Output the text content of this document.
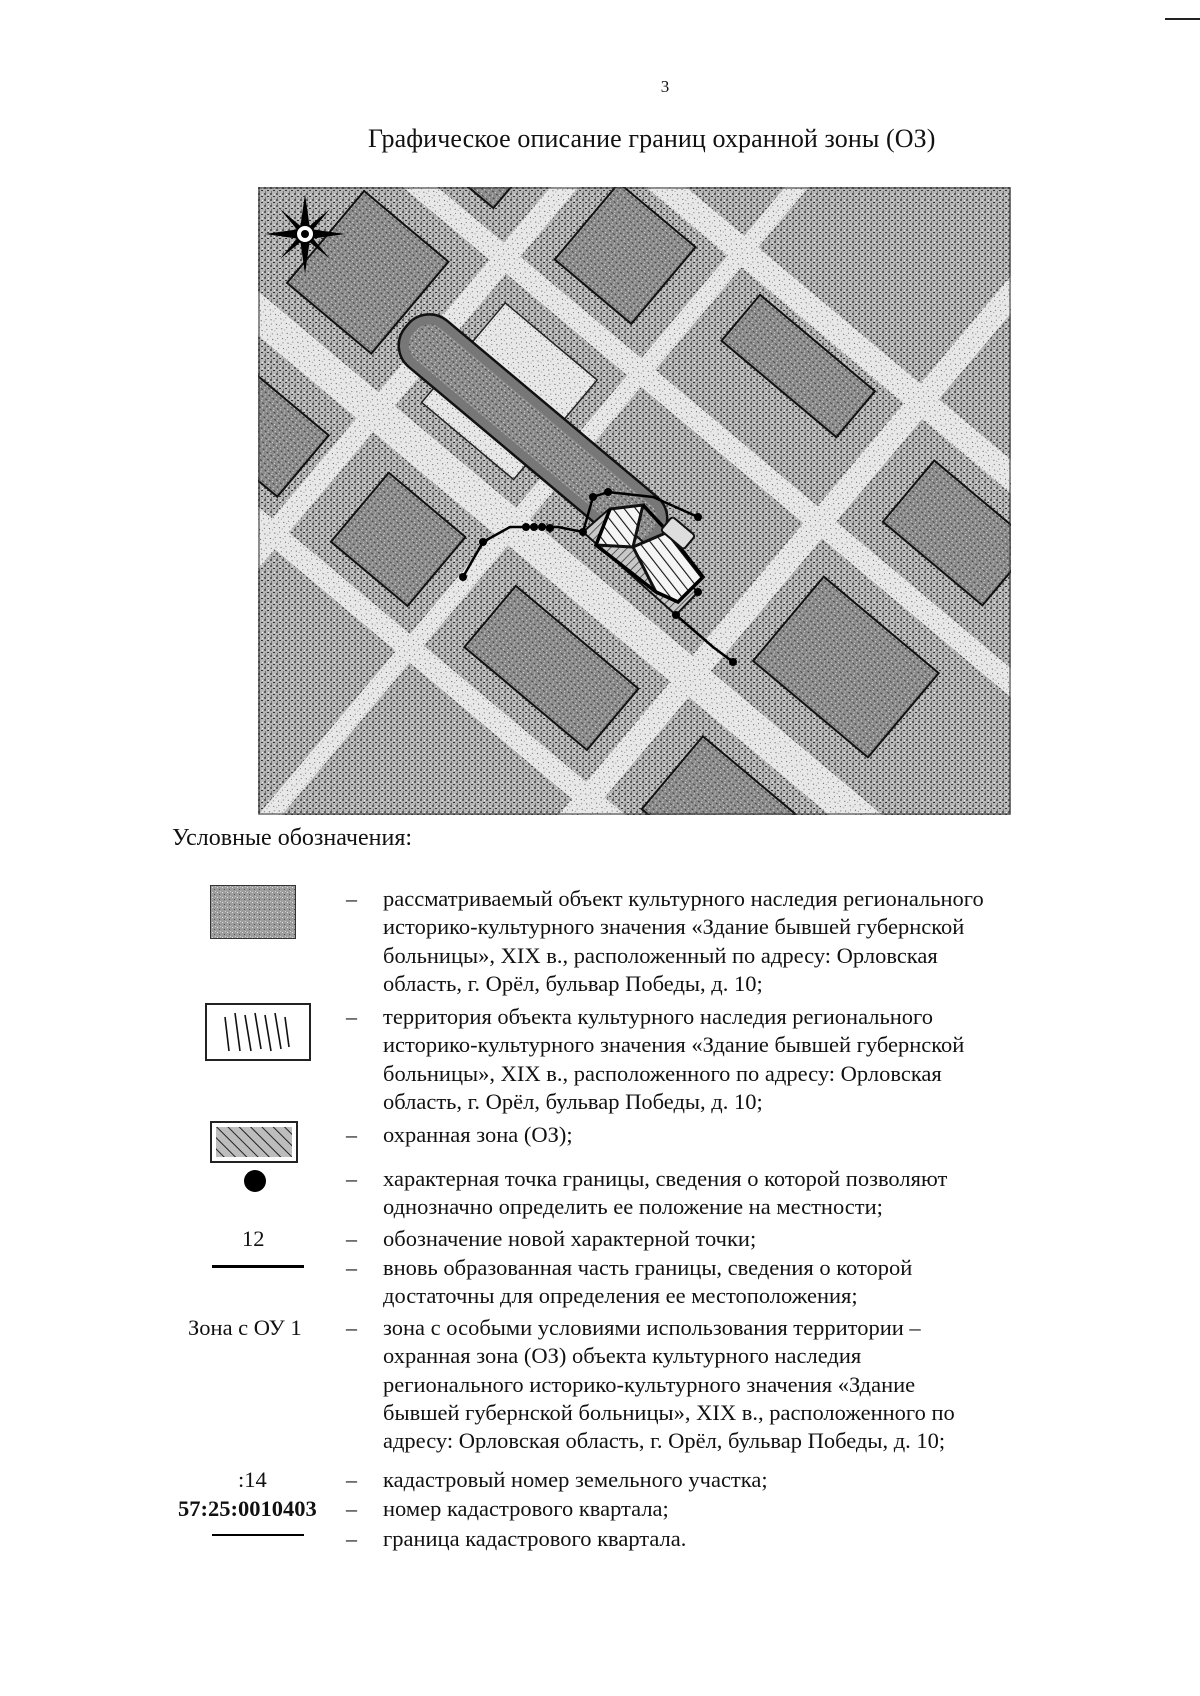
3
Графическое описание границ охранной зоны (ОЗ)
Условные обозначения:
– рассматриваемый объект культурного наследия регионального
историко-культурного значения «Здание бывшей губернской
больницы», XIX в., расположенный по адресу: Орловская
область, г. Орёл, бульвар Победы, д. 10;
– территория объекта культурного наследия регионального
историко-культурного значения «Здание бывшей губернской
больницы», XIX в., расположенного по адресу: Орловская
область, г. Орёл, бульвар Победы, д. 10;
– охранная зона (ОЗ);
– характерная точка границы, сведения о которой позволяют
однозначно определить ее положение на местности;
12	– обозначение новой характерной точки;
– вновь образованная часть границы, сведения о которой
достаточны для определения ее местоположения;
Зона с ОУ 1 – зона с особыми условиями использования территории –
охранная зона (ОЗ) объекта культурного наследия
регионального историко-культурного значения «Здание
бывшей губернской больницы», XIX в., расположенного по
адресу: Орловская область, г. Орёл, бульвар Победы, д. 10;
:14	– кадастровый номер земельного участка;
57:25:0010403 – номер кадастрового квартала;
– граница кадастрового квартала.
